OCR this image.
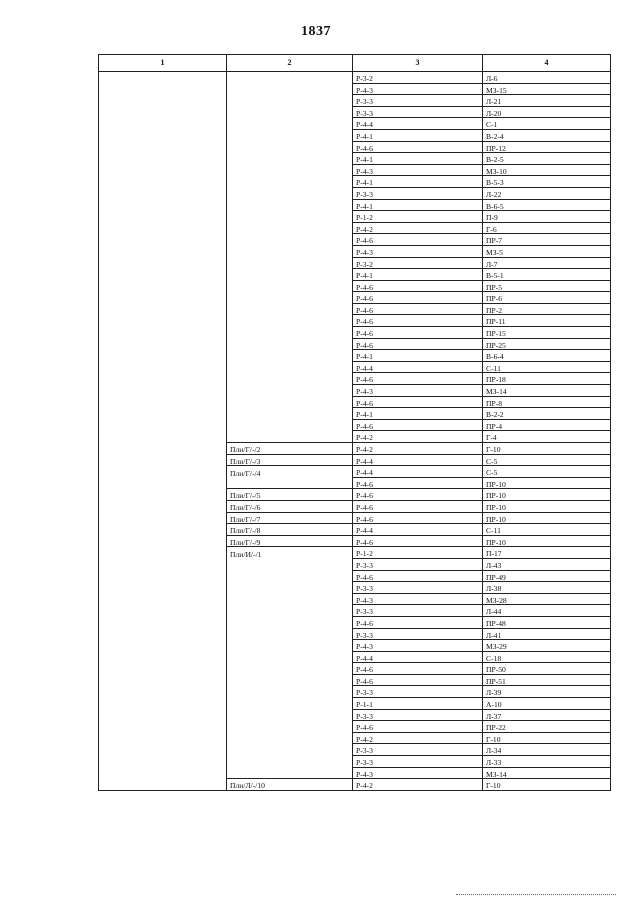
1837
1	2	3	4
		Р-3-2	Л-6
		Р-4-3	МЗ-15
		Р-3-3	Л-21
		Р-3-3	Л-20
		Р-4-4	С-1
		Р-4-1	В-2-4
		Р-4-6	ПР-12
		Р-4-1	В-2-5
		Р-4-3	МЗ-10
		Р-4-1	В-5-3
		Р-3-3	Л-22
		Р-4-1	В-6-5
		Р-1-2	П-9
		Р-4-2	Г-6
		Р-4-6	ПР-7
		Р-4-3	МЗ-5
		Р-3-2	Л-7
		Р-4-1	В-5-1
		Р-4-6	ПР-5
		Р-4-6	ПР-6
		Р-4-6	ПР-2
		Р-4-6	ПР-11
		Р-4-6	ПР-15
		Р-4-6	ПР-25
		Р-4-1	В-6-4
		Р-4-4	С-11
		Р-4-6	ПР-18
		Р-4-3	МЗ-14
		Р-4-6	ПР-8
		Р-4-1	В-2-2
		Р-4-6	ПР-4
		Р-4-2	Г-4
	Пли/Г/-/2	Р-4-2	Г-10
	Пли/Г/-/3	Р-4-4	С-5
	Пли/Г/-/4	Р-4-4	С-5
		Р-4-6	ПР-10
	Пли/Г/-/5	Р-4-6	ПР-10
	Пли/Г/-/6	Р-4-6	ПР-10
	Пли/Г/-/7	Р-4-6	ПР-10
	Пли/Г/-/8	Р-4-4	С-11
	Пли/Г/-/9	Р-4-6	ПР-10
	Пли/И/-/1	Р-1-2	П-17
		Р-3-3	Л-43
		Р-4-6	ПР-49
		Р-3-3	Л-38
		Р-4-3	МЗ-28
		Р-3-3	Л-44
		Р-4-6	ПР-48
		Р-3-3	Л-41
		Р-4-3	МЗ-29
		Р-4-4	С-18
		Р-4-6	ПР-50
		Р-4-6	ПР-51
		Р-3-3	Л-39
		Р-1-1	А-10
		Р-3-3	Л-37
		Р-4-6	ПР-22
		Р-4-2	Г-10
		Р-3-3	Л-34
		Р-3-3	Л-33
		Р-4-3	МЗ-14
	Пли/Л/-/10	Р-4-2	Г-10
